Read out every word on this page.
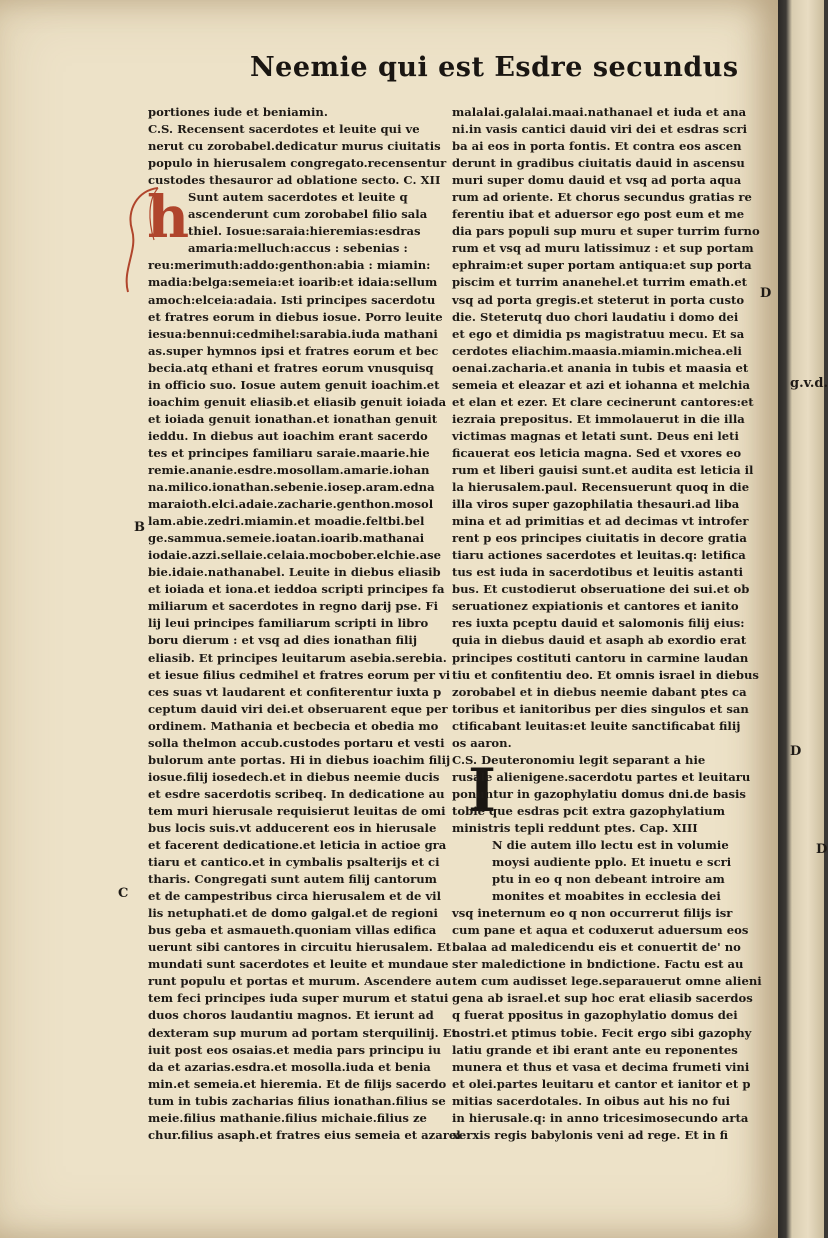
Neemie qui est Esdre secundus
h
I
portiones iude et beniamin.
C.S. Recensent sacerdotes et leuite qui ve
nerut cu zorobabel.dedicatur murus ciuitatis
populo in hierusalem congregato.recensentur
custodes thesauror ad oblatione secto. C. XII
Sunt autem sacerdotes et leuite q
ascenderunt cum zorobabel filio sala
thiel. Iosue:saraia:hieremias:esdras
amaria:melluch:accus : sebenias :
reu:merimuth:addo:genthon:abia : miamin:
madia:belga:semeia:et ioarib:et idaia:sellum
amoch:elceia:adaia. Isti principes sacerdotu
et fratres eorum in diebus iosue. Porro leuite
iesua:bennui:cedmihel:sarabia.iuda mathani
as.super hymnos ipsi et fratres eorum et bec
becia.atq ethani et fratres eorum vnusquisq
in officio suo. Iosue autem genuit ioachim.et
ioachim genuit eliasib.et eliasib genuit ioiada
et ioiada genuit ionathan.et ionathan genuit
ieddu. In diebus aut ioachim erant sacerdo
tes et principes familiaru saraie.maarie.hie
remie.ananie.esdre.mosollam.amarie.iohan
na.milico.ionathan.sebenie.iosep.aram.edna
maraioth.elci.adaie.zacharie.genthon.mosol
lam.abie.zedri.miamin.et moadie.feltbi.bel
ge.sammua.semeie.ioatan.ioarib.mathanai
iodaie.azzi.sellaie.celaia.mocbober.elchie.ase
bie.idaie.nathanabel. Leuite in diebus eliasib
et ioiada et iona.et ieddoa scripti principes fa
miliarum et sacerdotes in regno darij pse. Fi
lij leui principes familiarum scripti in libro
boru dierum : et vsq ad dies ionathan filij
eliasib. Et principes leuitarum asebia.serebia.
et iesue filius cedmihel et fratres eorum per vi
ces suas vt laudarent et confiterentur iuxta p
ceptum dauid viri dei.et obseruarent eque per
ordinem. Mathania et becbecia et obedia mo
solla thelmon accub.custodes portaru et vesti
bulorum ante portas. Hi in diebus ioachim filij
iosue.filij iosedech.et in diebus neemie ducis
et esdre sacerdotis scribeq. In dedicatione au
tem muri hierusale requisierut leuitas de omi
bus locis suis.vt adducerent eos in hierusale
et facerent dedicatione.et leticia in actioe gra
tiaru et cantico.et in cymbalis psalterijs et ci
tharis. Congregati sunt autem filij cantorum
et de campestribus circa hierusalem et de vil
lis netuphati.et de domo galgal.et de regioni
bus geba et asmaueth.quoniam villas edifica
uerunt sibi cantores in circuitu hierusalem. Et
mundati sunt sacerdotes et leuite et mundaue
runt populu et portas et murum. Ascendere au
tem feci principes iuda super murum et statui
duos choros laudantiu magnos. Et ierunt ad
dexteram sup murum ad portam sterquilinij. Et
iuit post eos osaias.et media pars principu iu
da et azarias.esdra.et mosolla.iuda et benia
min.et semeia.et hieremia. Et de filijs sacerdo
tum in tubis zacharias filius ionathan.filius se
meie.filius mathanie.filius michaie.filius ze
chur.filius asaph.et fratres eius semeia et azarel
malalai.galalai.maai.nathanael et iuda et ana
ni.in vasis cantici dauid viri dei et esdras scri
ba ai eos in porta fontis. Et contra eos ascen
derunt in gradibus ciuitatis dauid in ascensu
muri super domu dauid et vsq ad porta aqua
rum ad oriente. Et chorus secundus gratias re
ferentiu ibat et aduersor ego post eum et me
dia pars populi sup muru et super turrim furno
rum et vsq ad muru latissimuz : et sup portam
ephraim:et super portam antiqua:et sup porta
piscim et turrim ananehel.et turrim emath.et
vsq ad porta gregis.et steterut in porta custo
die. Steterutq duo chori laudatiu i domo dei
et ego et dimidia ps magistratuu mecu. Et sa
cerdotes eliachim.maasia.miamin.michea.eli
oenai.zacharia.et anania in tubis et maasia et
semeia et eleazar et azi et iohanna et melchia
et elan et ezer. Et clare cecinerunt cantores:et
iezraia prepositus. Et immolauerut in die illa
victimas magnas et letati sunt. Deus eni leti
ficauerat eos leticia magna. Sed et vxores eo
rum et liberi gauisi sunt.et audita est leticia il
la hierusalem.paul. Recensuerunt quoq in die
illa viros super gazophilatia thesauri.ad liba
mina et ad primitias et ad decimas vt introfer
rent p eos principes ciuitatis in decore gratia
tiaru actiones sacerdotes et leuitas.q: letifica
tus est iuda in sacerdotibus et leuitis astanti
bus. Et custodierut obseruatione dei sui.et ob
seruationez expiationis et cantores et ianito
res iuxta pceptu dauid et salomonis filij eius:
quia in diebus dauid et asaph ab exordio erat
principes costituti cantoru in carmine laudan
tiu et confitentiu deo. Et omnis israel in diebus
zorobabel et in diebus neemie dabant ptes ca
toribus et ianitoribus per dies singulos et san
ctificabant leuitas:et leuite sanctificabat filij
os aaron.
C.S. Deuteronomiu legit separant a hie
rusale alienigene.sacerdotu partes et leuitaru
ponuntur in gazophylatiu domus dni.de basis
tobie que esdras pcit extra gazophylatium
ministris tepli reddunt ptes. Cap. XIII
N die autem illo lectu est in volumie
moysi audiente pplo. Et inuetu e scri
ptu in eo q non debeant introire am
monites et moabites in ecclesia dei
vsq ineternum eo q non occurrerut filijs isr
cum pane et aqua et coduxerut aduersum eos
balaa ad maledicendu eis et conuertit de' no
ster maledictione in bndictione. Factu est au
tem cum audisset lege.separauerut omne alieni
gena ab israel.et sup hoc erat eliasib sacerdos
q fuerat ppositus in gazophylatio domus dei
nostri.et ptimus tobie. Fecit ergo sibi gazophy
latiu grande et ibi erant ante eu reponentes
munera et thus et vasa et decima frumeti vini
et olei.partes leuitaru et cantor et ianitor et p
mitias sacerdotales. In oibus aut his no fui
in hierusale.q: in anno tricesimosecundo arta
xerxis regis babylonis veni ad rege. Et in fi
B
C
D
g.v.d.
D
D
